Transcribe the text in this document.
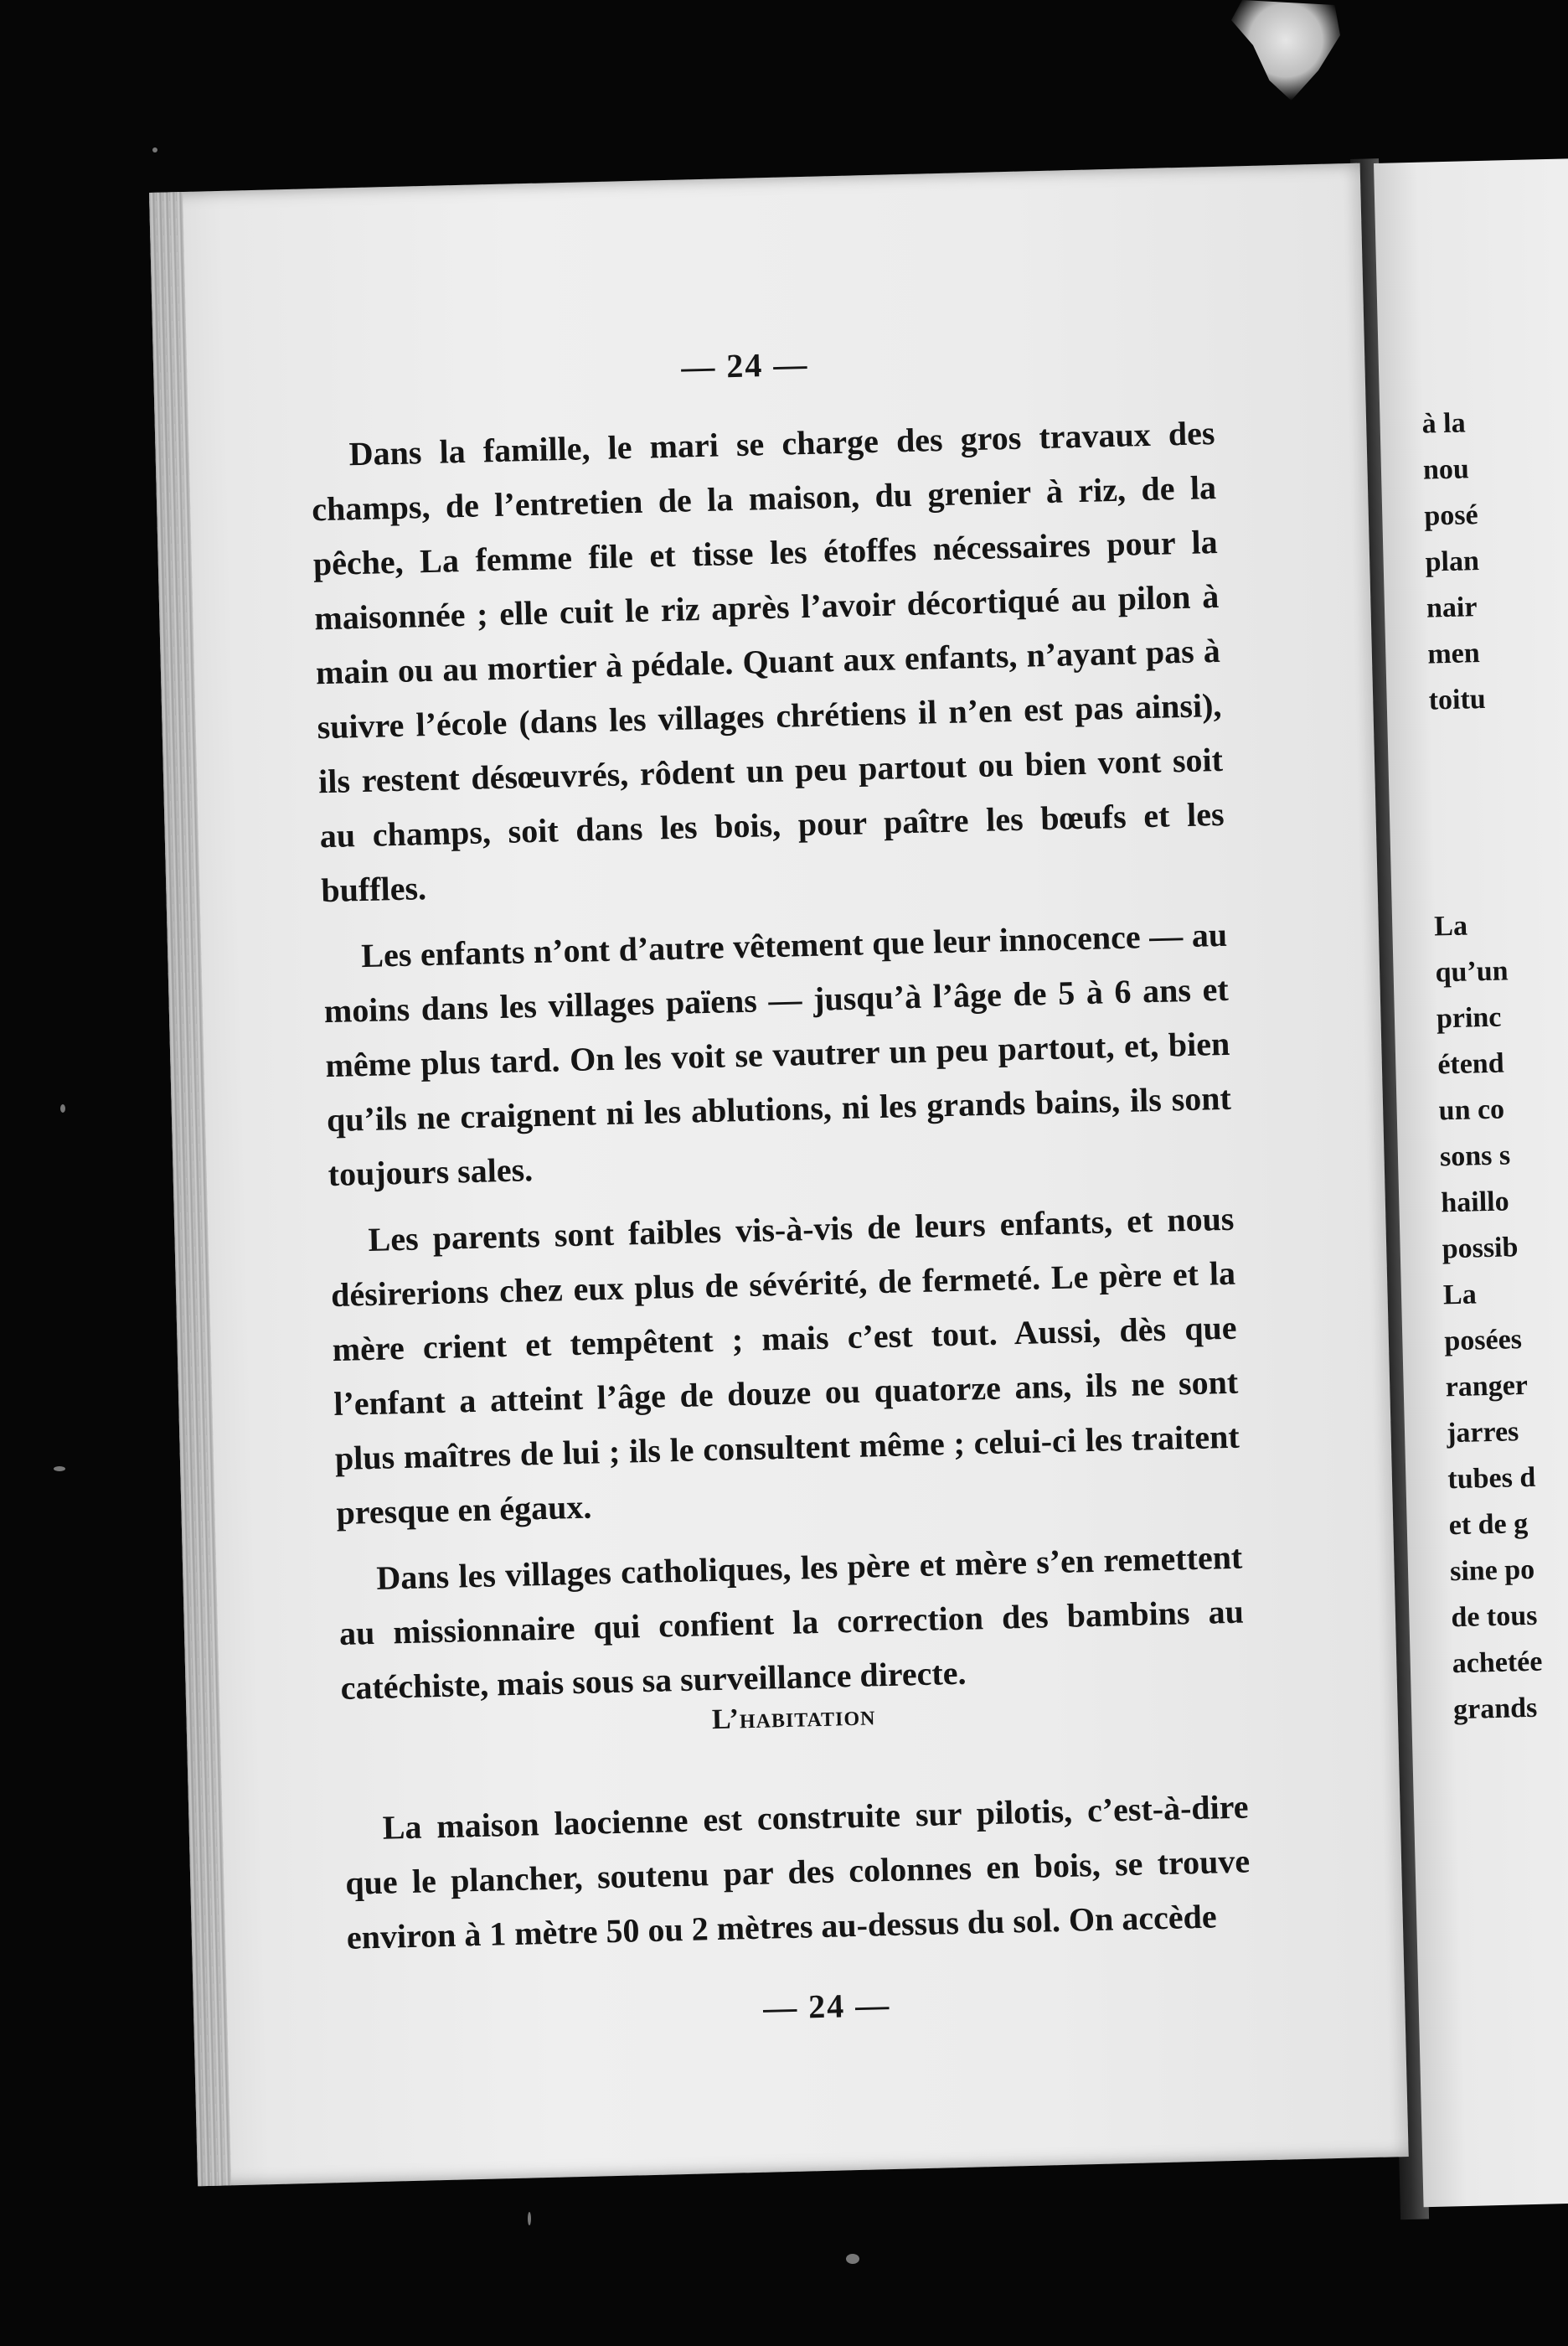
à la
nou
posé
plan
nair
men
toitu
La
qu’un
princ
étend
un co
sons s
haillo
possib
La
posées
ranger
jarres
tubes d
et de g
sine po
de tous
achetée
grands
— 24 —

Dans la famille, le mari se charge des gros travaux des champs, de l’entretien de la maison, du grenier à riz, de la pêche, La femme file et tisse les étoffes nécessaires pour la maisonnée ; elle cuit le riz après l’avoir décortiqué au pilon à main ou au mortier à pédale. Quant aux enfants, n’ayant pas à suivre l’école (dans les villages chrétiens il n’en est pas ainsi), ils restent désœuvrés, rôdent un peu partout ou bien vont soit au champs, soit dans les bois, pour paître les bœufs et les buffles.

Les enfants n’ont d’autre vêtement que leur innocence — au moins dans les villages païens — jusqu’à l’âge de 5 à 6 ans et même plus tard. On les voit se vautrer un peu partout, et, bien qu’ils ne craignent ni les ablutions, ni les grands bains, ils sont toujours sales.

Les parents sont faibles vis-à-vis de leurs enfants, et nous désirerions chez eux plus de sévérité, de fermeté. Le père et la mère crient et tempêtent ; mais c’est tout. Aussi, dès que l’enfant a atteint l’âge de douze ou quatorze ans, ils ne sont plus maîtres de lui ; ils le consultent même ; celui-ci les traitent presque en égaux.

Dans les villages catholiques, les père et mère s’en remettent au missionnaire qui confient la correction des bambins au catéchiste, mais sous sa surveillance directe.

L’habitation

La maison laocienne est construite sur pilotis, c’est-à-dire que le plancher, soutenu par des colonnes en bois, se trouve environ à 1 mètre 50 ou 2 mètres au-dessus du sol. On accède

— 24 —
